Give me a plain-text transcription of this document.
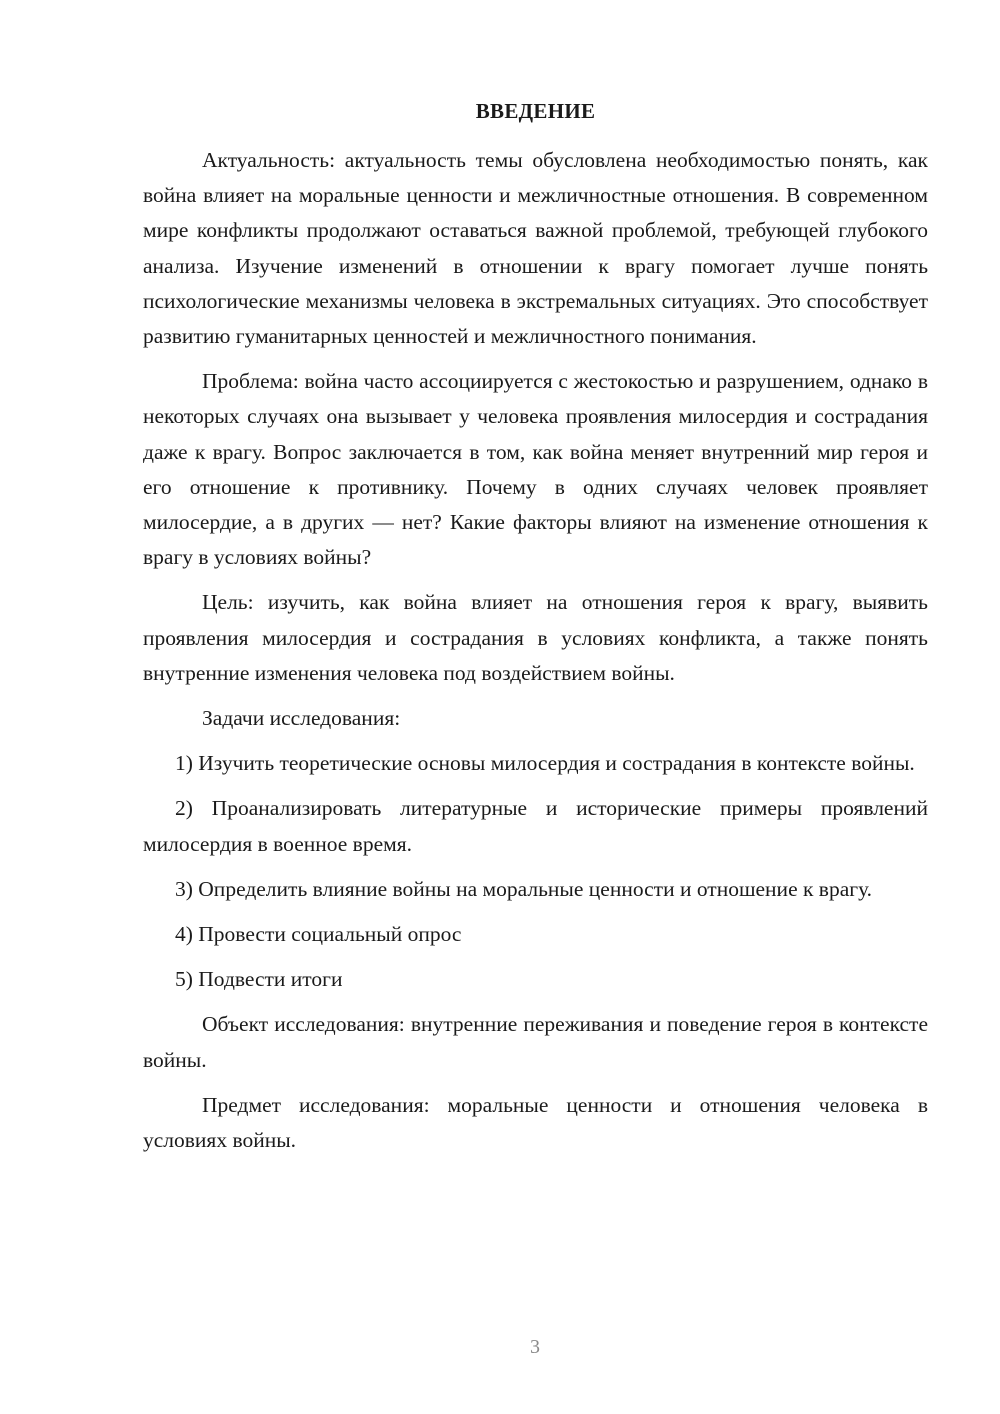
ВВЕДЕНИЕ

Актуальность: актуальность темы обусловлена необходимостью понять, как война влияет на моральные ценности и межличностные отношения. В современном мире конфликты продолжают оставаться важной проблемой, требующей глубокого анализа. Изучение изменений в отношении к врагу помогает лучше понять психологические механизмы человека в экстремальных ситуациях. Это способствует развитию гуманитарных ценностей и межличностного понимания.

Проблема: война часто ассоциируется с жестокостью и разрушением, однако в некоторых случаях она вызывает у человека проявления милосердия и сострадания даже к врагу. Вопрос заключается в том, как война меняет внутренний мир героя и его отношение к противнику. Почему в одних случаях человек проявляет милосердие, а в других — нет? Какие факторы влияют на изменение отношения к врагу в условиях войны?

Цель: изучить, как война влияет на отношения героя к врагу, выявить проявления милосердия и сострадания в условиях конфликта, а также понять внутренние изменения человека под воздействием войны.

Задачи исследования:

1) Изучить теоретические основы милосердия и сострадания в контексте войны.

2) Проанализировать литературные и исторические примеры проявлений милосердия в военное время.

3) Определить влияние войны на моральные ценности и отношение к врагу.

4) Провести социальный опрос

5) Подвести итоги

Объект исследования: внутренние переживания и поведение героя в контексте войны.

Предмет исследования: моральные ценности и отношения человека в условиях войны.

3
